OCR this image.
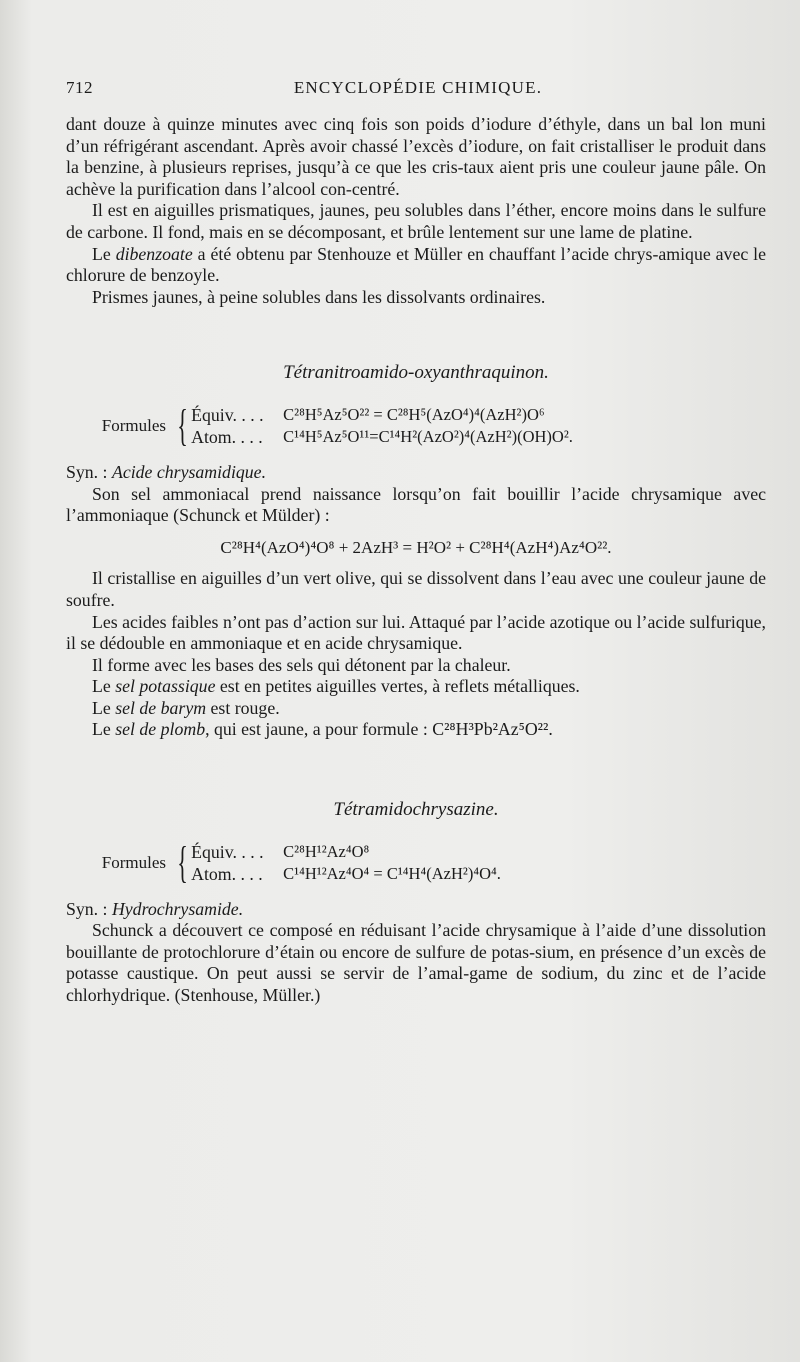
712	ENCYCLOPÉDIE CHIMIQUE.

dant douze à quinze minutes avec cinq fois son poids d’iodure d’éthyle, dans un bal lon muni d’un réfrigérant ascendant. Après avoir chassé l’excès d’iodure, on fait cristalliser le produit dans la benzine, à plusieurs reprises, jusqu’à ce que les cris-taux aient pris une couleur jaune pâle. On achève la purification dans l’alcool con-centré.

Il est en aiguilles prismatiques, jaunes, peu solubles dans l’éther, encore moins dans le sulfure de carbone. Il fond, mais en se décomposant, et brûle lentement sur une lame de platine.

Le dibenzoate a été obtenu par Stenhouze et Müller en chauffant l’acide chrys-amique avec le chlorure de benzoyle.

Prismes jaunes, à peine solubles dans les dissolvants ordinaires.

Tétranitroamido-oxyanthraquinon.
Formules { Équiv. . . .	C²⁸H⁵Az⁵O²² = C²⁸H⁵(AzO⁴)⁴(AzH²)O⁶
Atom. . . .	C¹⁴H⁵Az⁵O¹¹=C¹⁴H²(AzO²)⁴(AzH²)(OH)O².

Syn. : Acide chrysamidique.

Son sel ammoniacal prend naissance lorsqu’on fait bouillir l’acide chrysamique avec l’ammoniaque (Schunck et Mülder) :

C²⁸H⁴(AzO⁴)⁴O⁸ + 2AzH³ = H²O² + C²⁸H⁴(AzH⁴)Az⁴O²².

Il cristallise en aiguilles d’un vert olive, qui se dissolvent dans l’eau avec une couleur jaune de soufre.

Les acides faibles n’ont pas d’action sur lui. Attaqué par l’acide azotique ou l’acide sulfurique, il se dédouble en ammoniaque et en acide chrysamique.

Il forme avec les bases des sels qui détonent par la chaleur.

Le sel potassique est en petites aiguilles vertes, à reflets métalliques.

Le sel de barym est rouge.

Le sel de plomb, qui est jaune, a pour formule : C²⁸H³Pb²Az⁵O²².

Tétramidochrysazine.
Formules { Équiv. . . .	C²⁸H¹²Az⁴O⁸
Atom. . . .	C¹⁴H¹²Az⁴O⁴ = C¹⁴H⁴(AzH²)⁴O⁴.

Syn. : Hydrochrysamide.

Schunck a découvert ce composé en réduisant l’acide chrysamique à l’aide d’une dissolution bouillante de protochlorure d’étain ou encore de sulfure de potas-sium, en présence d’un excès de potasse caustique. On peut aussi se servir de l’amal-game de sodium, du zinc et de l’acide chlorhydrique. (Stenhouse, Müller.)
